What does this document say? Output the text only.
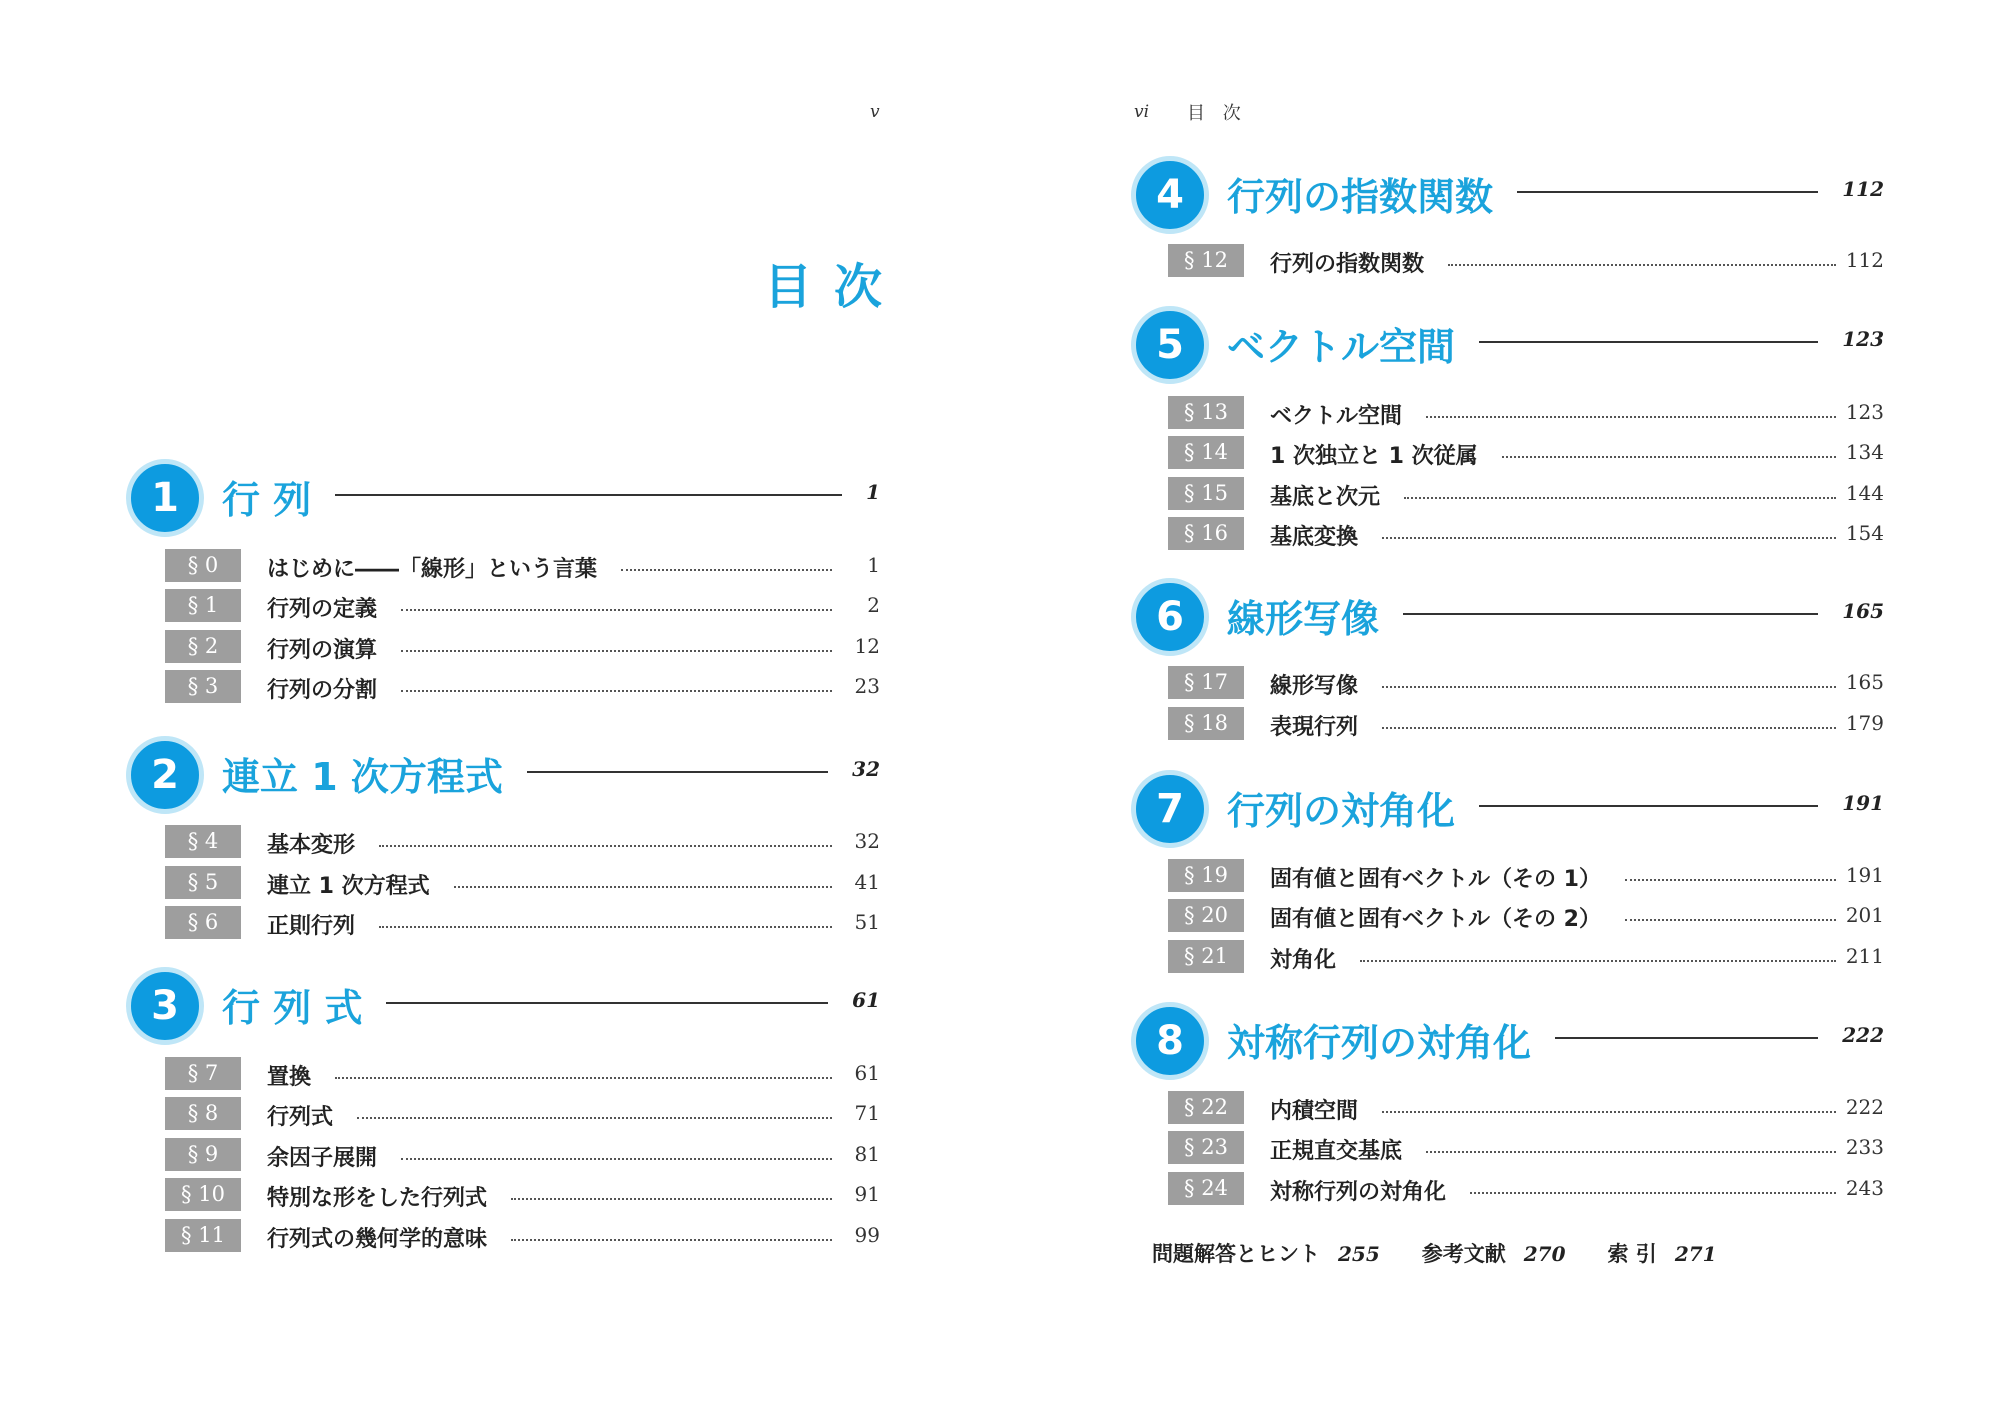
v
目次
1	行 列	1
§ 0	はじめに――「線形」という言葉	1
§ 1	行列の定義	2
§ 2	行列の演算	12
§ 3	行列の分割	23
2	連立 1 次方程式	32
§ 4	基本変形	32
§ 5	連立 1 次方程式	41
§ 6	正則行列	51
3	行 列 式	61
§ 7	置換	61
§ 8	行列式	71
§ 9	余因子展開	81
§ 10	特別な形をした行列式	91
§ 11	行列式の幾何学的意味	99
vi 目 次
4	行列の指数関数	112
§ 12	行列の指数関数	112
5	ベクトル空間	123
§ 13	ベクトル空間	123
§ 14	1 次独立と 1 次従属	134
§ 15	基底と次元	144
§ 16	基底変換	154
6	線形写像	165
§ 17	線形写像	165
§ 18	表現行列	179
7	行列の対角化	191
§ 19	固有値と固有ベクトル（その 1）	191
§ 20	固有値と固有ベクトル（その 2）	201
§ 21	対角化	211
8	対称行列の対角化	222
§ 22	内積空間	222
§ 23	正規直交基底	233
§ 24	対称行列の対角化	243
問題解答とヒント 255 参考文献 270 索 引 271
